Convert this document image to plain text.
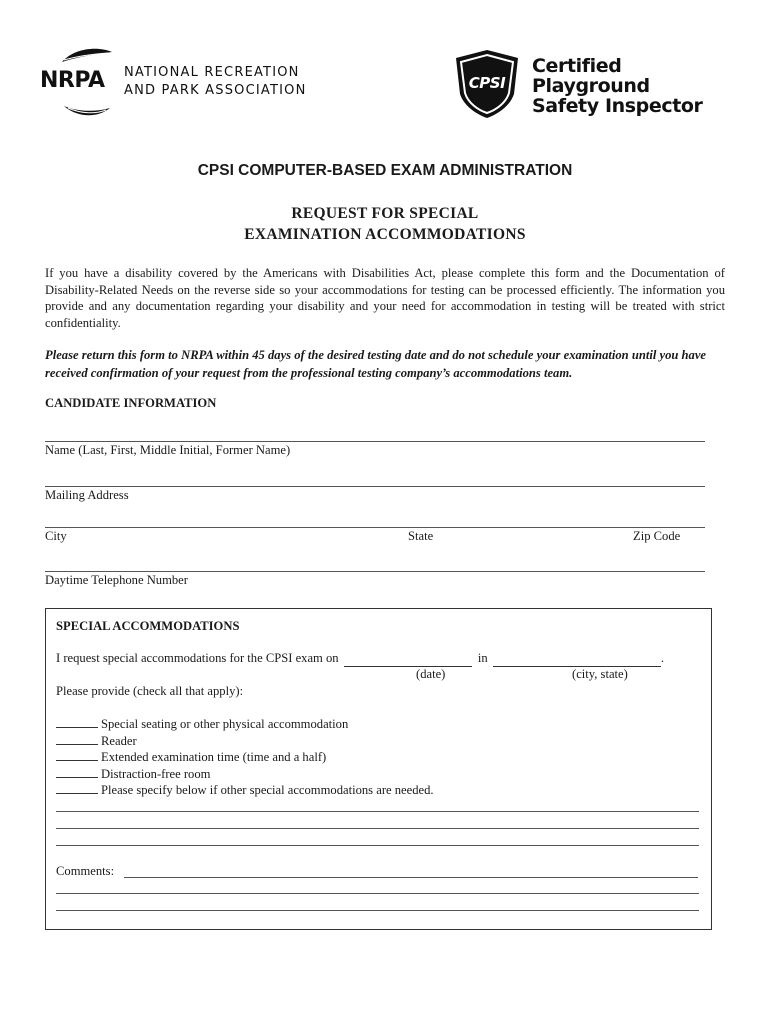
NRPA NATIONAL RECREATION
AND PARK ASSOCIATION	CPSI
Certified
Playground
Safety Inspector
CPSI COMPUTER-BASED EXAM ADMINISTRATION
REQUEST FOR SPECIAL
EXAMINATION ACCOMMODATIONS
If you have a disability covered by the Americans with Disabilities Act, please complete this form and the Documentation of Disability-Related Needs on the reverse side so your accommodations for testing can be processed efficiently. The information you provide and any documentation regarding your disability and your need for accommodation in testing will be treated with strict confidentiality.
Please return this form to NRPA within 45 days of the desired testing date and do not schedule your examination until you have received confirmation of your request from the professional testing company’s accommodations team.
CANDIDATE INFORMATION
Name (Last, First, Middle Initial, Former Name)
Mailing Address
City	State	Zip Code
Daytime Telephone Number
SPECIAL ACCOMMODATIONS
I request special accommodations for the CPSI exam on	in	.
(date)	(city, state)
Please provide (check all that apply):
Special seating or other physical accommodation
Reader
Extended examination time (time and a half)
Distraction-free room
Please specify below if other special accommodations are needed.
Comments:
